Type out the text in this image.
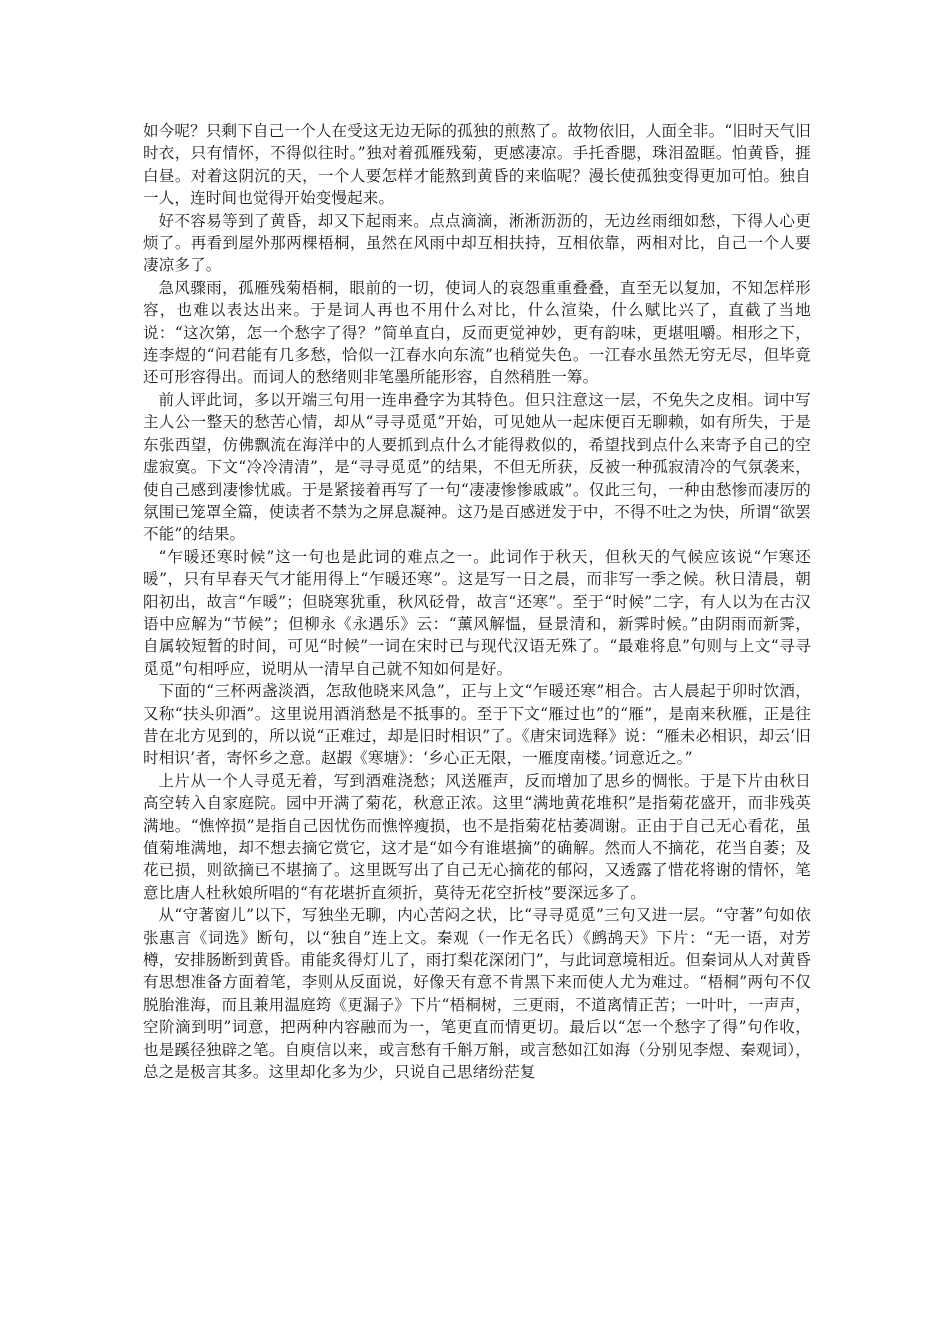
如今呢？只剩下自己一个人在受这无边无际的孤独的煎熬了。故物依旧，人面全非。“旧时天气旧时衣，只有情怀，不得似往时。”独对着孤雁残菊，更感凄凉。手托香腮，珠泪盈眶。怕黄昏，捱白昼。对着这阴沉的天，一个人要怎样才能熬到黄昏的来临呢？漫长使孤独变得更加可怕。独自一人，连时间也觉得开始变慢起来。

好不容易等到了黄昏，却又下起雨来。点点滴滴，淅淅沥沥的，无边丝雨细如愁，下得人心更烦了。再看到屋外那两棵梧桐，虽然在风雨中却互相扶持，互相依靠，两相对比，自己一个人要凄凉多了。

急风骤雨，孤雁残菊梧桐，眼前的一切，使词人的哀怨重重叠叠，直至无以复加，不知怎样形容，也难以表达出来。于是词人再也不用什么对比，什么渲染，什么赋比兴了，直截了当地说：“这次第，怎一个愁字了得？”简单直白，反而更觉神妙，更有韵味，更堪咀嚼。相形之下，连李煜的“问君能有几多愁，恰似一江春水向东流”也稍觉失色。一江春水虽然无穷无尽，但毕竟还可形容得出。而词人的愁绪则非笔墨所能形容，自然稍胜一筹。

前人评此词，多以开端三句用一连串叠字为其特色。但只注意这一层，不免失之皮相。词中写主人公一整天的愁苦心情，却从“寻寻觅觅”开始，可见她从一起床便百无聊赖，如有所失，于是东张西望，仿佛飘流在海洋中的人要抓到点什么才能得救似的，希望找到点什么来寄予自己的空虚寂寞。下文“冷冷清清”，是“寻寻觅觅”的结果，不但无所获，反被一种孤寂清冷的气氛袭来，使自己感到凄惨忧戚。于是紧接着再写了一句“凄凄惨惨戚戚”。仅此三句，一种由愁惨而凄厉的氛围已笼罩全篇，使读者不禁为之屏息凝神。这乃是百感迸发于中，不得不吐之为快，所谓“欲罢不能”的结果。

“乍暖还寒时候”这一句也是此词的难点之一。此词作于秋天，但秋天的气候应该说“乍寒还暖”，只有早春天气才能用得上“乍暖还寒”。这是写一日之晨，而非写一季之候。秋日清晨，朝阳初出，故言“乍暖”；但晓寒犹重，秋风砭骨，故言“还寒”。至于“时候”二字，有人以为在古汉语中应解为“节候”；但柳永《永遇乐》云：“薰风解愠，昼景清和，新霁时候。”由阴雨而新霁，自属较短暂的时间，可见“时候”一词在宋时已与现代汉语无殊了。“最难将息”句则与上文“寻寻觅觅”句相呼应，说明从一清早自己就不知如何是好。

下面的“三杯两盏淡酒，怎敌他晓来风急”，正与上文“乍暖还寒”相合。古人晨起于卯时饮酒，又称“扶头卯酒”。这里说用酒消愁是不抵事的。至于下文“雁过也”的“雁”，是南来秋雁，正是往昔在北方见到的，所以说“正难过，却是旧时相识”了。《唐宋词选释》说：“雁未必相识，却云‘旧时相识’者，寄怀乡之意。赵嘏《寒塘》：‘乡心正无限，一雁度南楼。’词意近之。”

上片从一个人寻觅无着，写到酒难浇愁；风送雁声，反而增加了思乡的惆怅。于是下片由秋日高空转入自家庭院。园中开满了菊花，秋意正浓。这里“满地黄花堆积”是指菊花盛开，而非残英满地。“憔悴损”是指自己因忧伤而憔悴瘦损，也不是指菊花枯萎凋谢。正由于自己无心看花，虽值菊堆满地，却不想去摘它赏它，这才是“如今有谁堪摘”的确解。然而人不摘花，花当自萎；及花已损，则欲摘已不堪摘了。这里既写出了自己无心摘花的郁闷，又透露了惜花将谢的情怀，笔意比唐人杜秋娘所唱的“有花堪折直须折，莫待无花空折枝”要深远多了。

从“守著窗儿”以下，写独坐无聊，内心苦闷之状，比“寻寻觅觅”三句又进一层。“守著”句如依张惠言《词选》断句，以“独自”连上文。秦观（一作无名氏）《鹧鸪天》下片：“无一语，对芳樽，安排肠断到黄昏。甫能炙得灯儿了，雨打梨花深闭门”，与此词意境相近。但秦词从人对黄昏有思想准备方面着笔，李则从反面说，好像天有意不肯黑下来而使人尤为难过。“梧桐”两句不仅脱胎淮海，而且兼用温庭筠《更漏子》下片“梧桐树，三更雨，不道离情正苦；一叶叶，一声声，空阶滴到明”词意，把两种内容融而为一，笔更直而情更切。最后以“怎一个愁字了得”句作收，也是蹊径独辟之笔。自庾信以来，或言愁有千斛万斛，或言愁如江如海（分别见李煜、秦观词），总之是极言其多。这里却化多为少，只说自己思绪纷茫复
